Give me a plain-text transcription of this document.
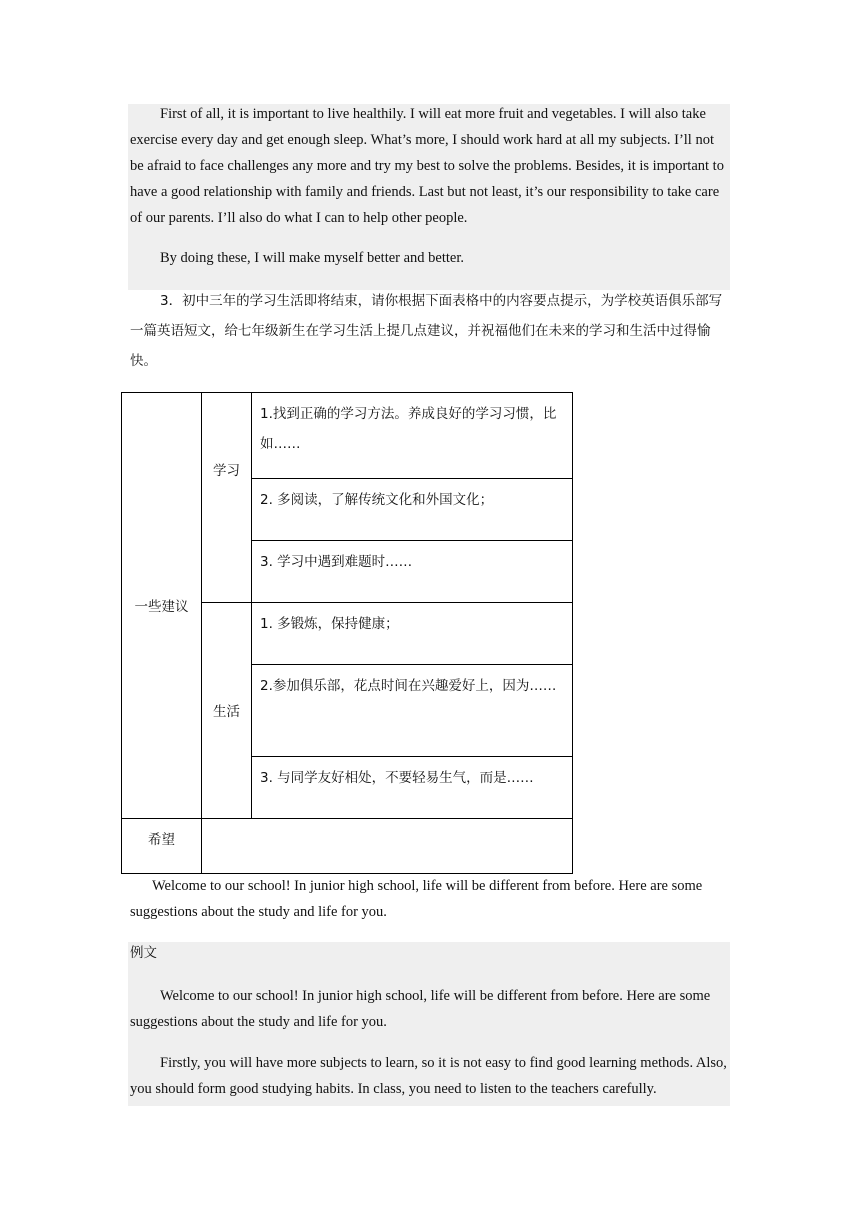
First of all, it is important to live healthily. I will eat more fruit and vegetables. I will also take exercise every day and get enough sleep. What’s more, I should work hard at all my subjects. I’ll not be afraid to face challenges any more and try my best to solve the problems. Besides, it is important to have a good relationship with family and friends. Last but not least, it’s our responsibility to take care of our parents. I’ll also do what I can to help other people.

By doing these, I will make myself better and better.

3．初中三年的学习生活即将结束，请你根据下面表格中的内容要点提示，为学校英语俱乐部写一篇英语短文，给七年级新生在学习生活上提几点建议，并祝福他们在未来的学习和生活中过得愉快。

一些建议	学习	1.找到正确的学习方法。养成良好的学习习惯，比如……

		2. 多阅读，了解传统文化和外国文化；

		3. 学习中遇到难题时……

	生活	1. 多锻炼，保持健康；

		2.参加俱乐部，花点时间在兴趣爱好上，因为……

		3. 与同学友好相处，不要轻易生气，而是……

希望		

Welcome to our school! In junior high school, life will be different from before. Here are some suggestions about the study and life for you.

例文

Welcome to our school! In junior high school, life will be different from before. Here are some suggestions about the study and life for you.

Firstly, you will have more subjects to learn, so it is not easy to find good learning methods. Also, you should form good studying habits. In class, you need to listen to the teachers carefully.
